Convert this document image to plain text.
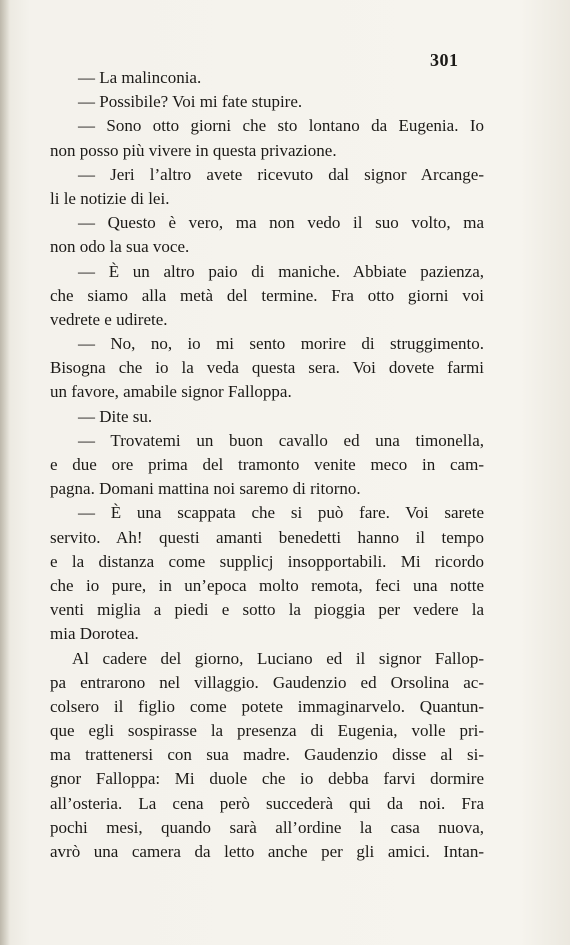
301
— La malinconia.
— Possibile? Voi mi fate stupire.
— Sono otto giorni che sto lontano da Eugenia. Io
non posso più vivere in questa privazione.
— Jeri l’altro avete ricevuto dal signor Arcange-
li le notizie di lei.
— Questo è vero, ma non vedo il suo volto, ma
non odo la sua voce.
— È un altro paio di maniche. Abbiate pazienza,
che siamo alla metà del termine. Fra otto giorni voi
vedrete e udirete.
— No, no, io mi sento morire di struggimento.
Bisogna che io la veda questa sera. Voi dovete farmi
un favore, amabile signor Falloppa.
— Dite su.
— Trovatemi un buon cavallo ed una timonella,
e due ore prima del tramonto venite meco in cam-
pagna. Domani mattina noi saremo di ritorno.
— È una scappata che si può fare. Voi sarete
servito. Ah! questi amanti benedetti hanno il tempo
e la distanza come supplicj insopportabili. Mi ricordo
che io pure, in un’epoca molto remota, feci una notte
venti miglia a piedi e sotto la pioggia per vedere la
mia Dorotea.
Al cadere del giorno, Luciano ed il signor Fallop-
pa entrarono nel villaggio. Gaudenzio ed Orsolina ac-
colsero il figlio come potete immaginarvelo. Quantun-
que egli sospirasse la presenza di Eugenia, volle pri-
ma trattenersi con sua madre. Gaudenzio disse al si-
gnor Falloppa: Mi duole che io debba farvi dormire
all’osteria. La cena però succederà qui da noi. Fra
pochi mesi, quando sarà all’ordine la casa nuova,
avrò una camera da letto anche per gli amici. Intan-
